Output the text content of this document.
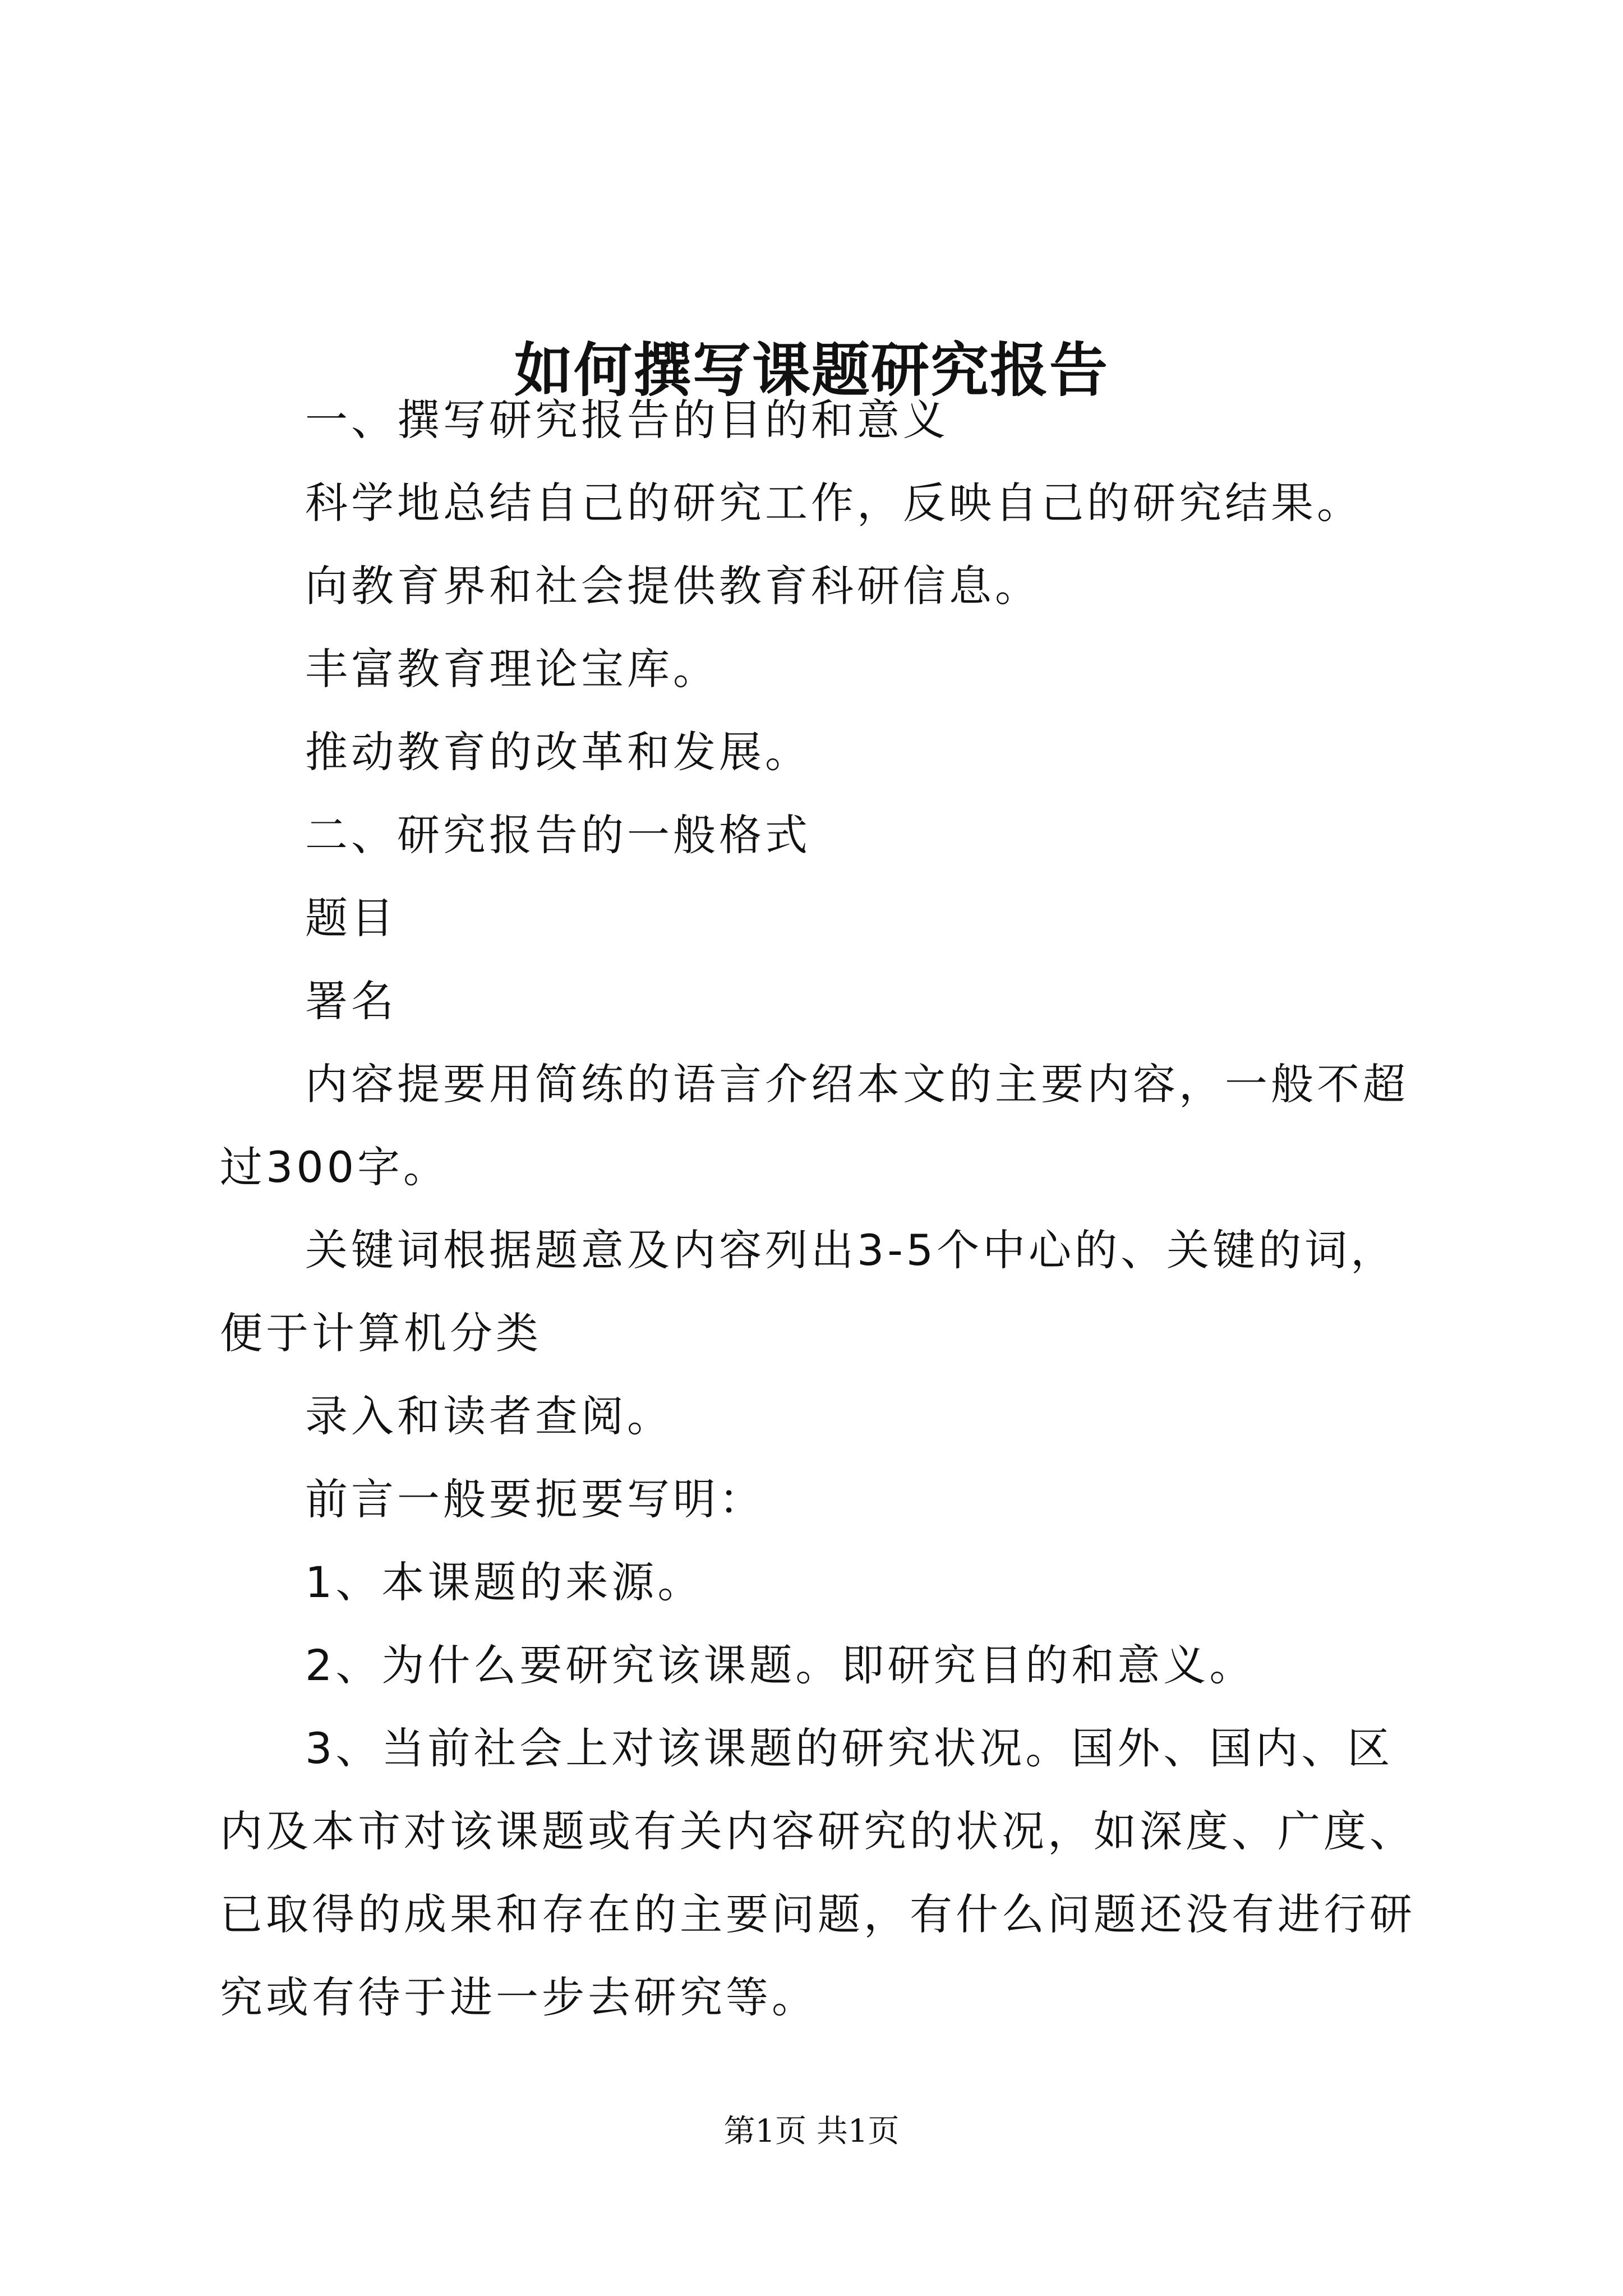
如何撰写课题研究报告

一、撰写研究报告的目的和意义

科学地总结自己的研究工作，反映自己的研究结果。

向教育界和社会提供教育科研信息。

丰富教育理论宝库。

推动教育的改革和发展。

二、研究报告的一般格式

题目

署名

内容提要用简练的语言介绍本文的主要内容，一般不超过300字。

关键词根据题意及内容列出3-5个中心的、关键的词，便于计算机分类

录入和读者查阅。

前言一般要扼要写明：

1、本课题的来源。

2、为什么要研究该课题。即研究目的和意义。

3、当前社会上对该课题的研究状况。国外、国内、区内及本市对该课题或有关内容研究的状况，如深度、广度、已取得的成果和存在的主要问题，有什么问题还没有进行研究或有待于进一步去研究等。

第1页 共1页
